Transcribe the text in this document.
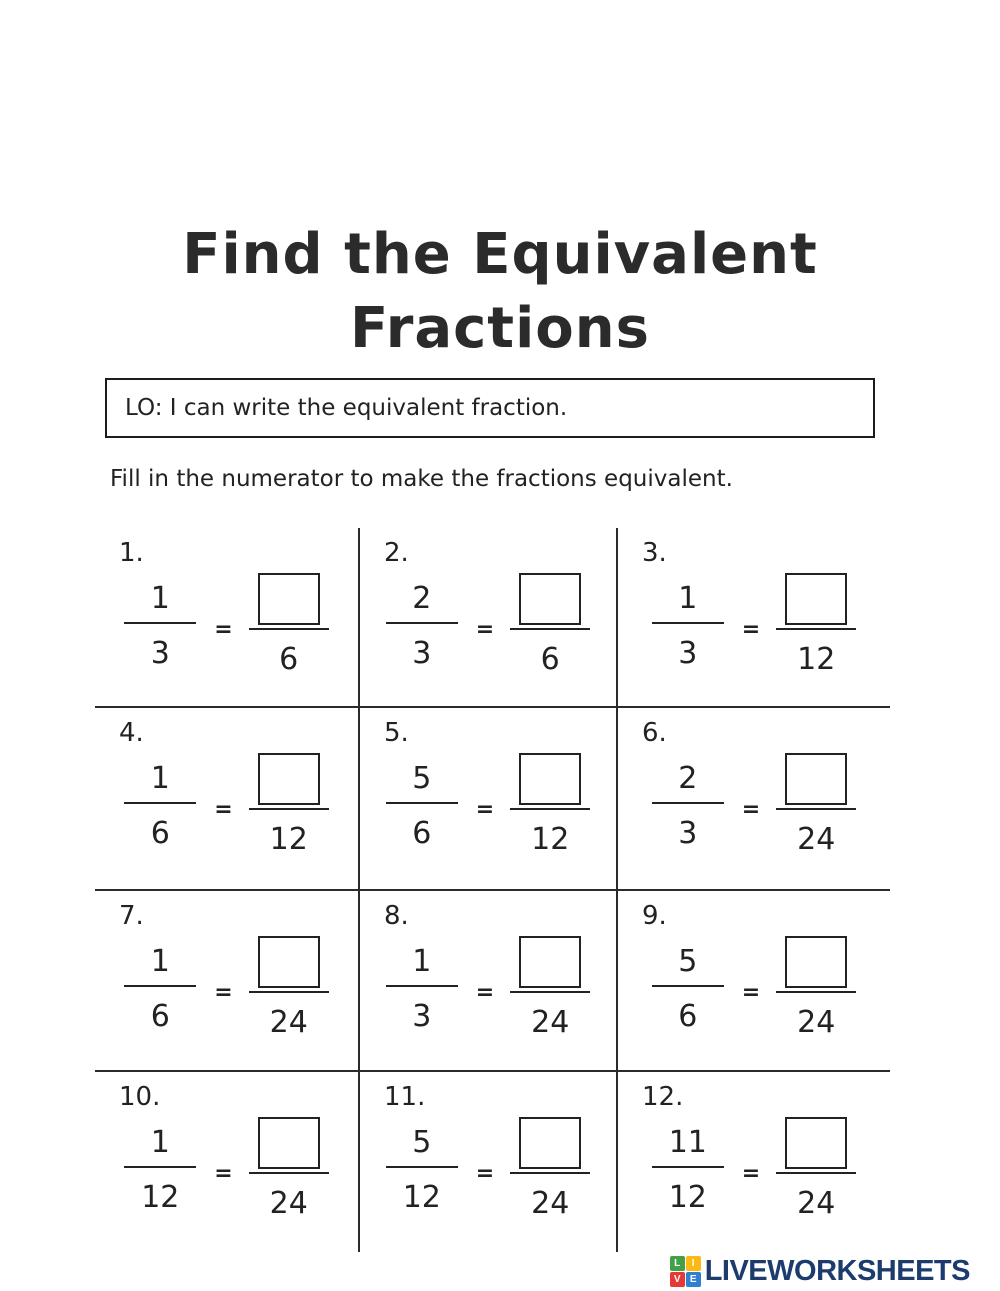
Find the Equivalent
Fractions
LO: I can write the equivalent fraction.
Fill in the numerator to make the fractions equivalent.
1.
$\frac{1}{3}$ =
6
2.
$\frac{2}{3}$ =
6
3.
$\frac{1}{3}$ =
12
4.
$\frac{1}{6}$ =
12
5.
$\frac{5}{6}$ =
12
6.
$\frac{2}{3}$ =
24
7.
$\frac{1}{6}$ =
24
8.
$\frac{1}{3}$ =
24
9.
$\frac{5}{6}$ =
24
10.
$\frac{1}{12}$ =
24
11.
$\frac{5}{12}$ =
24
12.
$\frac{11}{12}$ =
24
L	I
V E LIVEWORKSHEETS
